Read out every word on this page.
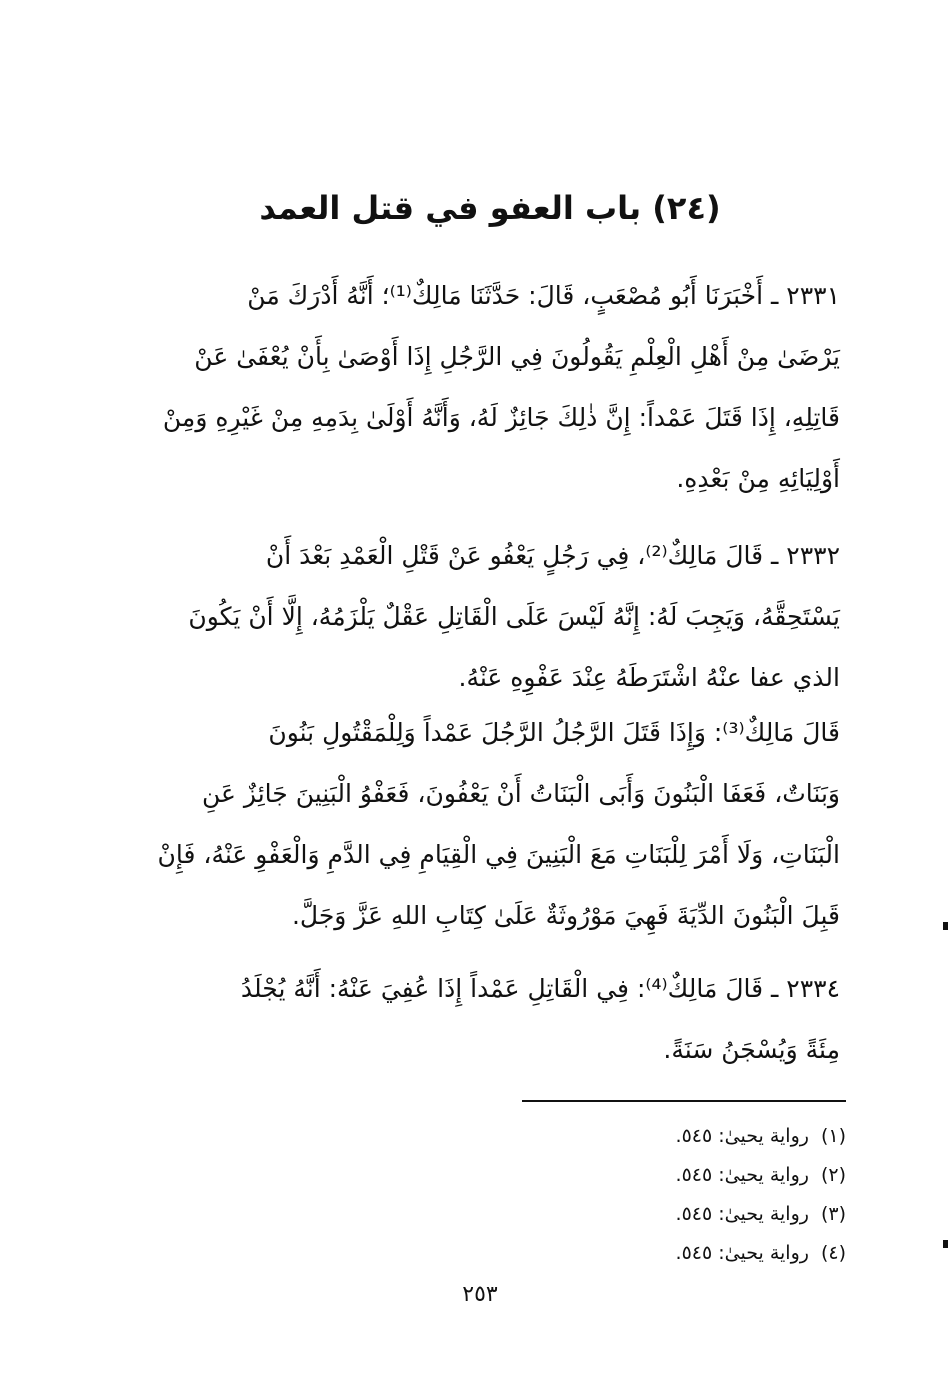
(٢٤) باب العفو في قتل العمد

٢٣٣١ ـ أَخْبَرَنَا أَبُو مُصْعَبٍ، قَالَ: حَدَّثَنَا مَالِكٌ⁽¹⁾؛ أَنَّهُ أَدْرَكَ مَنْ
يَرْضَىٰ مِنْ أَهْلِ الْعِلْمِ يَقُولُونَ فِي الرَّجُلِ إِذَا أَوْصَىٰ بِأَنْ يُعْفَىٰ عَنْ
قَاتِلِهِ، إِذَا قَتَلَ عَمْداً: إِنَّ ذٰلِكَ جَائِزٌ لَهُ، وَأَنَّهُ أَوْلَىٰ بِدَمِهِ مِنْ غَيْرِهِ وَمِنْ
أَوْلِيَائِهِ مِنْ بَعْدِهِ.

٢٣٣٢ ـ قَالَ مَالِكٌ⁽²⁾، فِي رَجُلٍ يَعْفُو عَنْ قَتْلِ الْعَمْدِ بَعْدَ أَنْ
يَسْتَحِقَّهُ، وَيَجِبَ لَهُ: إِنَّهُ لَيْسَ عَلَى الْقَاتِلِ عَقْلٌ يَلْزَمُهُ، إِلَّا أَنْ يَكُونَ
الذي عفا عنْهُ اشْتَرَطَهُ عِنْدَ عَفْوِهِ عَنْهُ.

قَالَ مَالِكٌ⁽³⁾: وَإِذَا قَتَلَ الرَّجُلُ الرَّجُلَ عَمْداً وَلِلْمَقْتُولِ بَنُونَ
وَبَنَاتٌ، فَعَفَا الْبَنُونَ وَأَبَى الْبَنَاتُ أَنْ يَعْفُونَ، فَعَفْوُ الْبَنِينَ جَائِزٌ عَنِ
الْبَنَاتِ، وَلَا أَمْرَ لِلْبَنَاتِ مَعَ الْبَنِينَ فِي الْقِيَامِ فِي الدَّمِ وَالْعَفْوِ عَنْهُ، فَإِنْ
قَبِلَ الْبَنُونَ الدِّيَةَ فَهِيَ مَوْرُوثَةٌ عَلَىٰ كِتَابِ اللهِ عَزَّ وَجَلَّ.

٢٣٣٤ ـ قَالَ مَالِكٌ⁽⁴⁾: فِي الْقَاتِلِ عَمْداً إِذَا عُفِيَ عَنْهُ: أَنَّهُ يُجْلَدُ
مِئَةً وَيُسْجَنُ سَنَةً.

(١)رواية يحيىٰ: ٥٤٥.
(٢)رواية يحيىٰ: ٥٤٥.
(٣)رواية يحيىٰ: ٥٤٥.
(٤)رواية يحيىٰ: ٥٤٥.
٢٥٣
